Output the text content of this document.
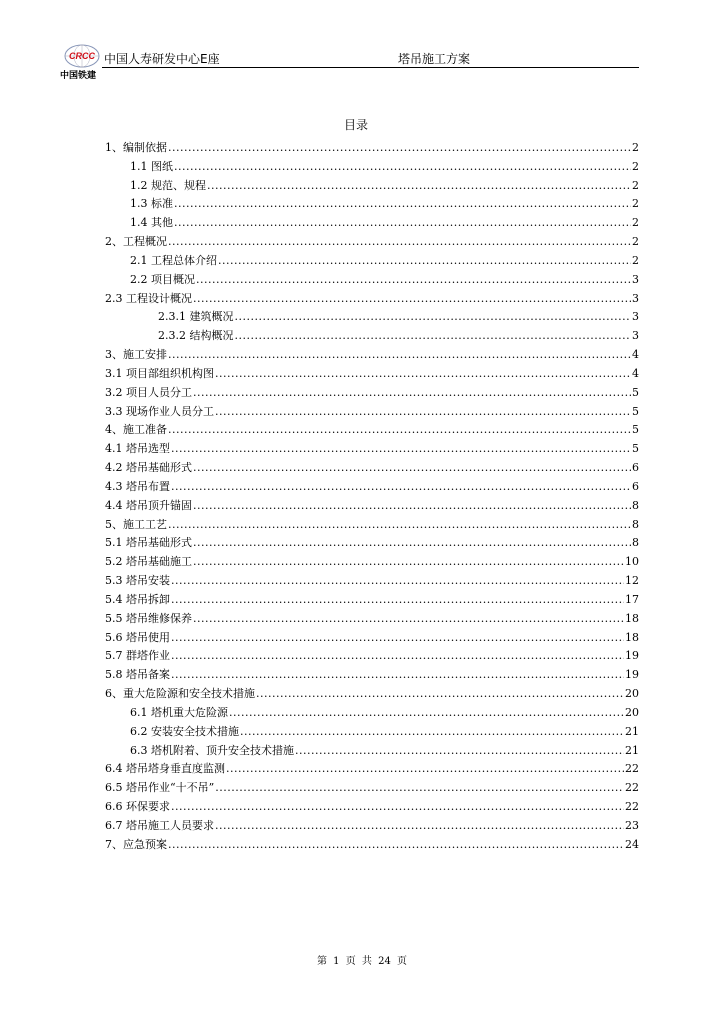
CRCC
中国铁建
中国人寿研发中心E座	塔吊施工方案
目录
1、编制依据 .....	2
1.1 图纸 .....	2
1.2 规范、规程 .....	2
1.3 标准 .....	2
1.4 其他 .....	2
2、工程概况 .....	2
2.1 工程总体介绍 .....	2
2.2 项目概况 .....	3
2.3 工程设计概况 .....	3
2.3.1 建筑概况 .....	3
2.3.2 结构概况 .....	3
3、施工安排 .....	4
3.1 项目部组织机构图 .....	4
3.2 项目人员分工 .....	5
3.3 现场作业人员分工 .....	5
4、施工准备 .....	5
4.1 塔吊选型 .....	5
4.2 塔吊基础形式 .....	6
4.3 塔吊布置 .....	6
4.4 塔吊顶升锚固 .....	8
5、施工工艺 .....	8
5.1 塔吊基础形式 .....	8
5.2 塔吊基础施工 .....	10
5.3 塔吊安装 .....	12
5.4 塔吊拆卸 .....	17
5.5 塔吊维修保养 .....	18
5.6 塔吊使用 .....	18
5.7 群塔作业 .....	19
5.8 塔吊备案 .....	19
6、重大危险源和安全技术措施 .....	20
6.1 塔机重大危险源 .....	20
6.2 安装安全技术措施 .....	21
6.3 塔机附着、顶升安全技术措施 .....	21
6.4 塔吊塔身垂直度监测 .....	22
6.5 塔吊作业“十不吊” .....	22
6.6 环保要求 .....	22
6.7 塔吊施工人员要求 .....	23
7、应急预案 .....	24
第 1 页 共 24 页
